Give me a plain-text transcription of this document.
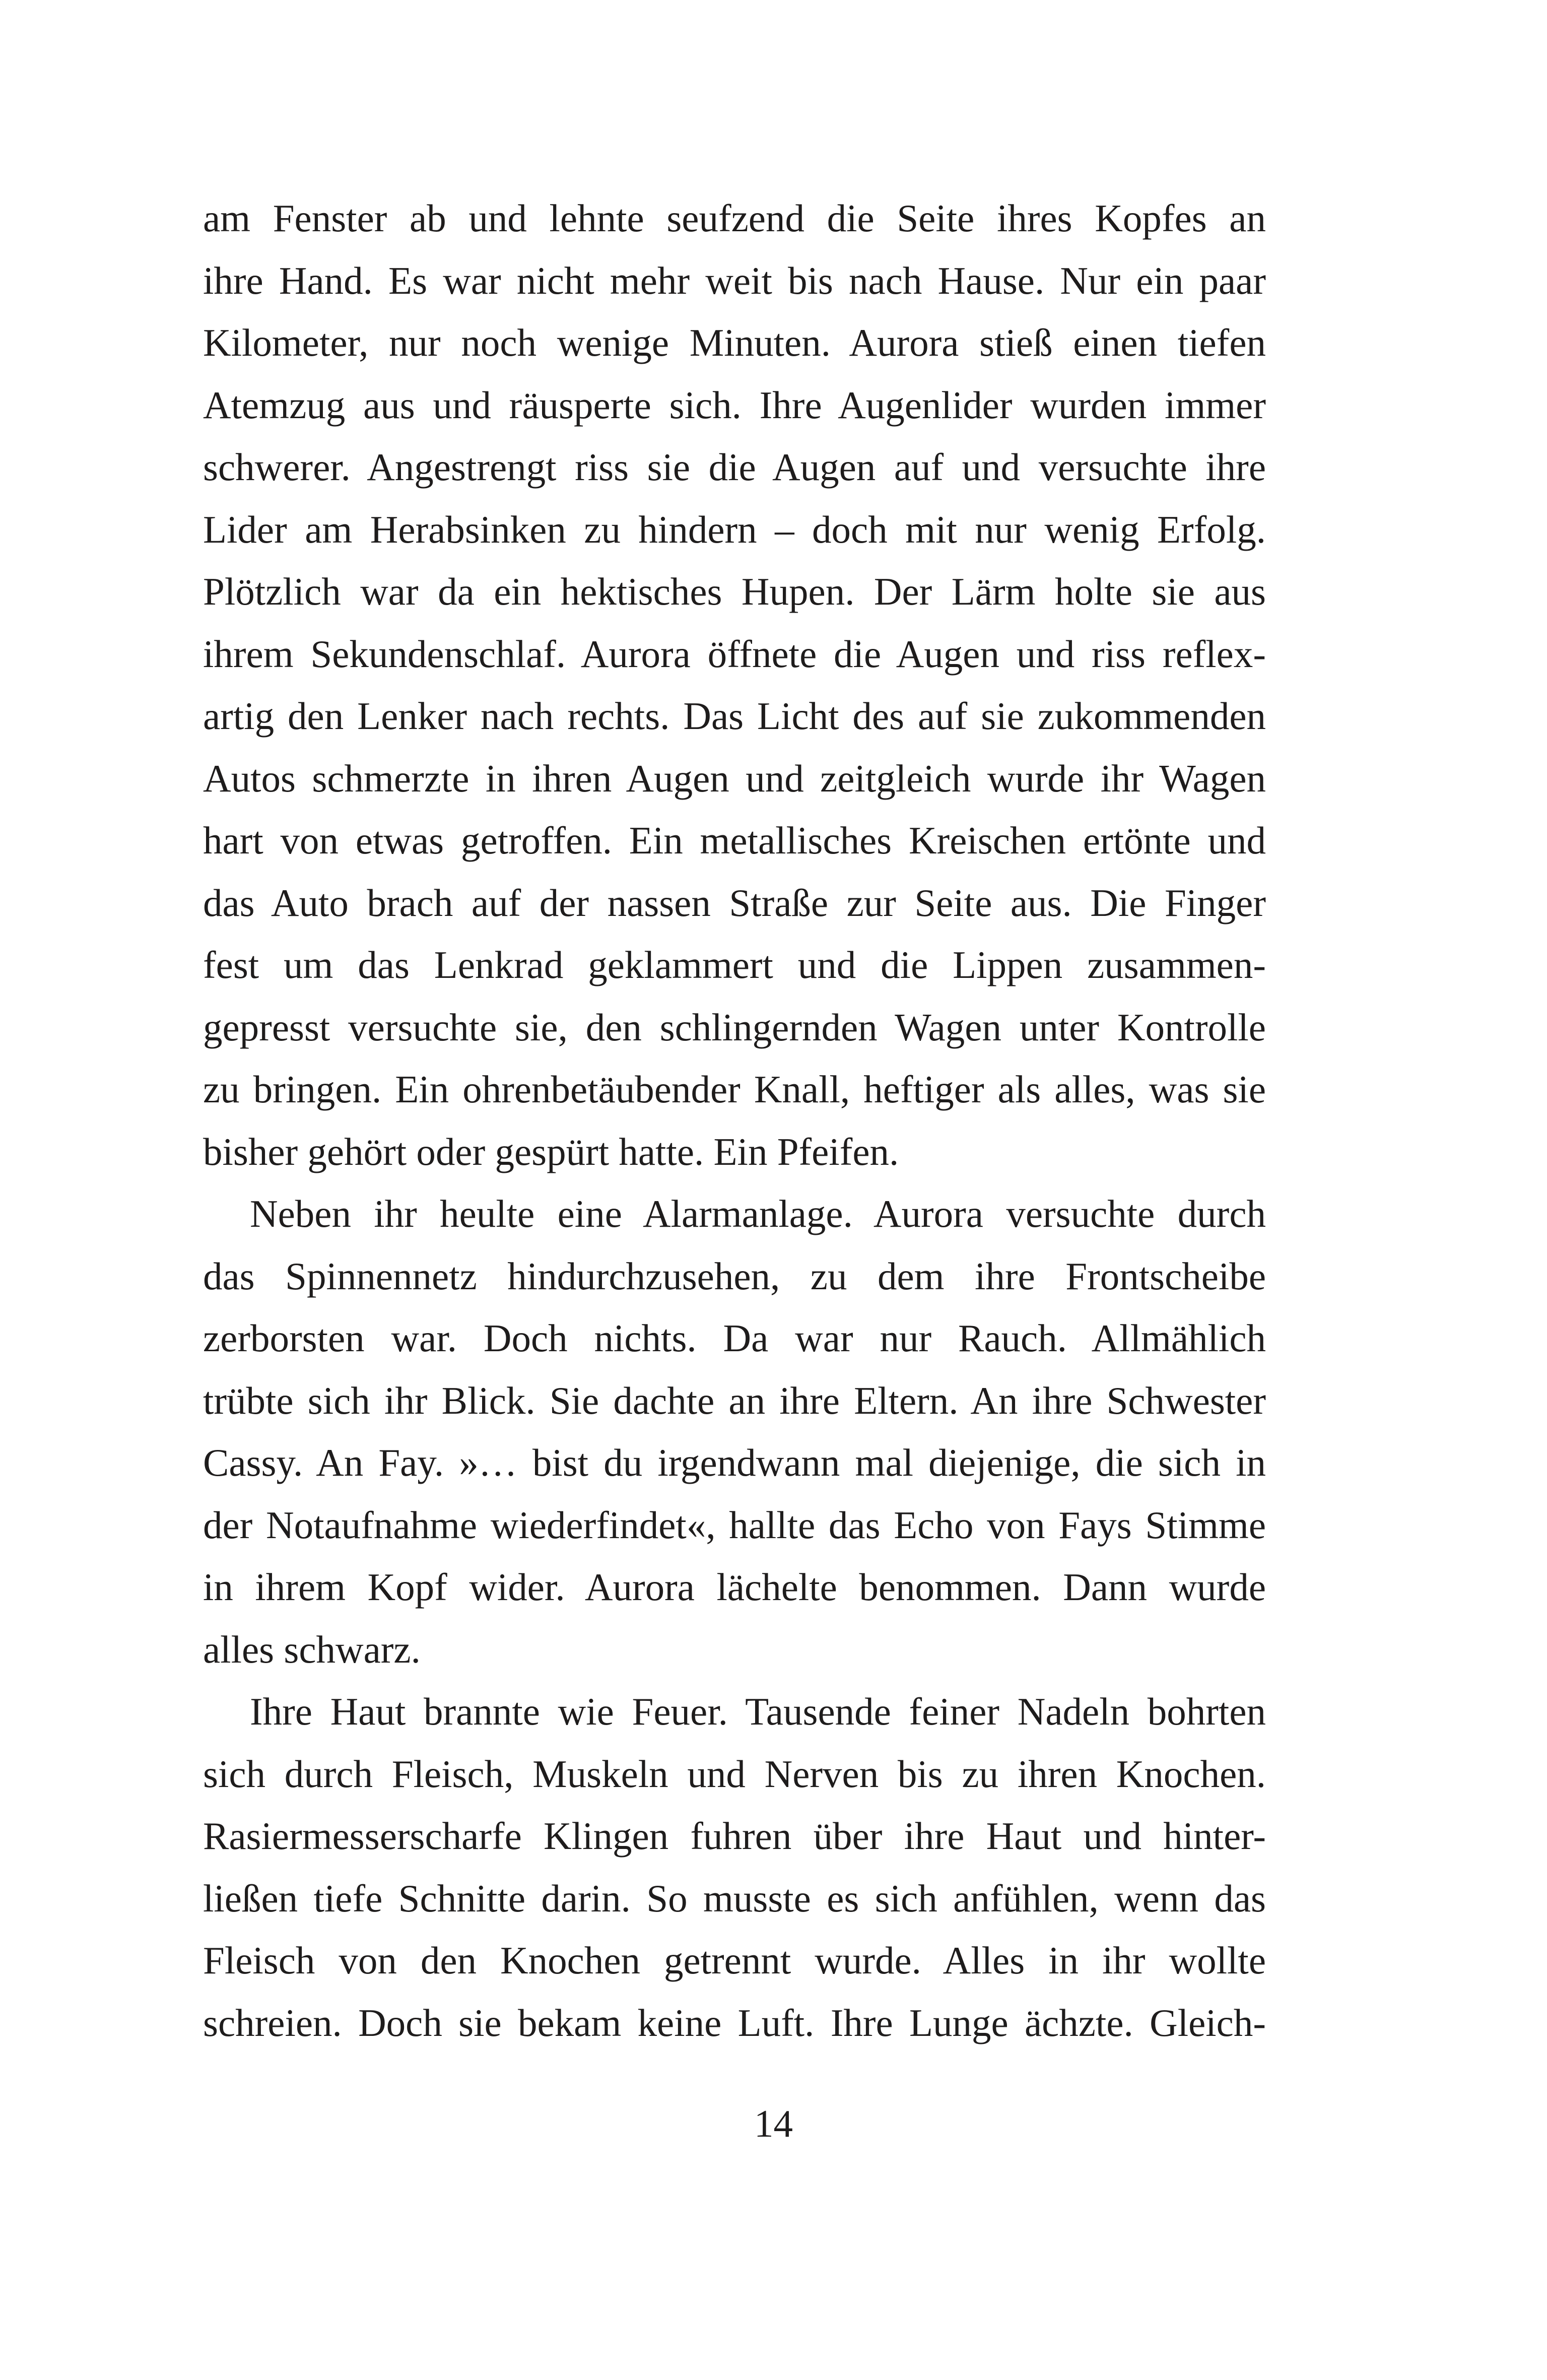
am Fenster ab und lehnte seufzend die Seite ihres Kopfes an
ihre Hand. Es war nicht mehr weit bis nach Hause. Nur ein paar
Kilometer, nur noch wenige Minuten. Aurora stieß einen tiefen
Atemzug aus und räusperte sich. Ihre Augenlider wurden immer
schwerer. Angestrengt riss sie die Augen auf und versuchte ihre
Lider am Herabsinken zu hindern – doch mit nur wenig Erfolg.
Plötzlich war da ein hektisches Hupen. Der Lärm holte sie aus
ihrem Sekundenschlaf. Aurora öffnete die Augen und riss reflex-
artig den Lenker nach rechts. Das Licht des auf sie zukommenden
Autos schmerzte in ihren Augen und zeitgleich wurde ihr Wagen
hart von etwas getroffen. Ein metallisches Kreischen ertönte und
das Auto brach auf der nassen Straße zur Seite aus. Die Finger
fest um das Lenkrad geklammert und die Lippen zusammen-
gepresst versuchte sie, den schlingernden Wagen unter Kontrolle
zu bringen. Ein ohrenbetäubender Knall, heftiger als alles, was sie
bisher gehört oder gespürt hatte. Ein Pfeifen.
Neben ihr heulte eine Alarmanlage. Aurora versuchte durch
das Spinnennetz hindurchzusehen, zu dem ihre Frontscheibe
zerborsten war. Doch nichts. Da war nur Rauch. Allmählich
trübte sich ihr Blick. Sie dachte an ihre Eltern. An ihre Schwester
Cassy. An Fay. »… bist du irgendwann mal diejenige, die sich in
der Notaufnahme wiederfindet«, hallte das Echo von Fays Stimme
in ihrem Kopf wider. Aurora lächelte benommen. Dann wurde
alles schwarz.
Ihre Haut brannte wie Feuer. Tausende feiner Nadeln bohrten
sich durch Fleisch, Muskeln und Nerven bis zu ihren Knochen.
Rasiermesserscharfe Klingen fuhren über ihre Haut und hinter-
ließen tiefe Schnitte darin. So musste es sich anfühlen, wenn das
Fleisch von den Knochen getrennt wurde. Alles in ihr wollte
schreien. Doch sie bekam keine Luft. Ihre Lunge ächzte. Gleich-
14
